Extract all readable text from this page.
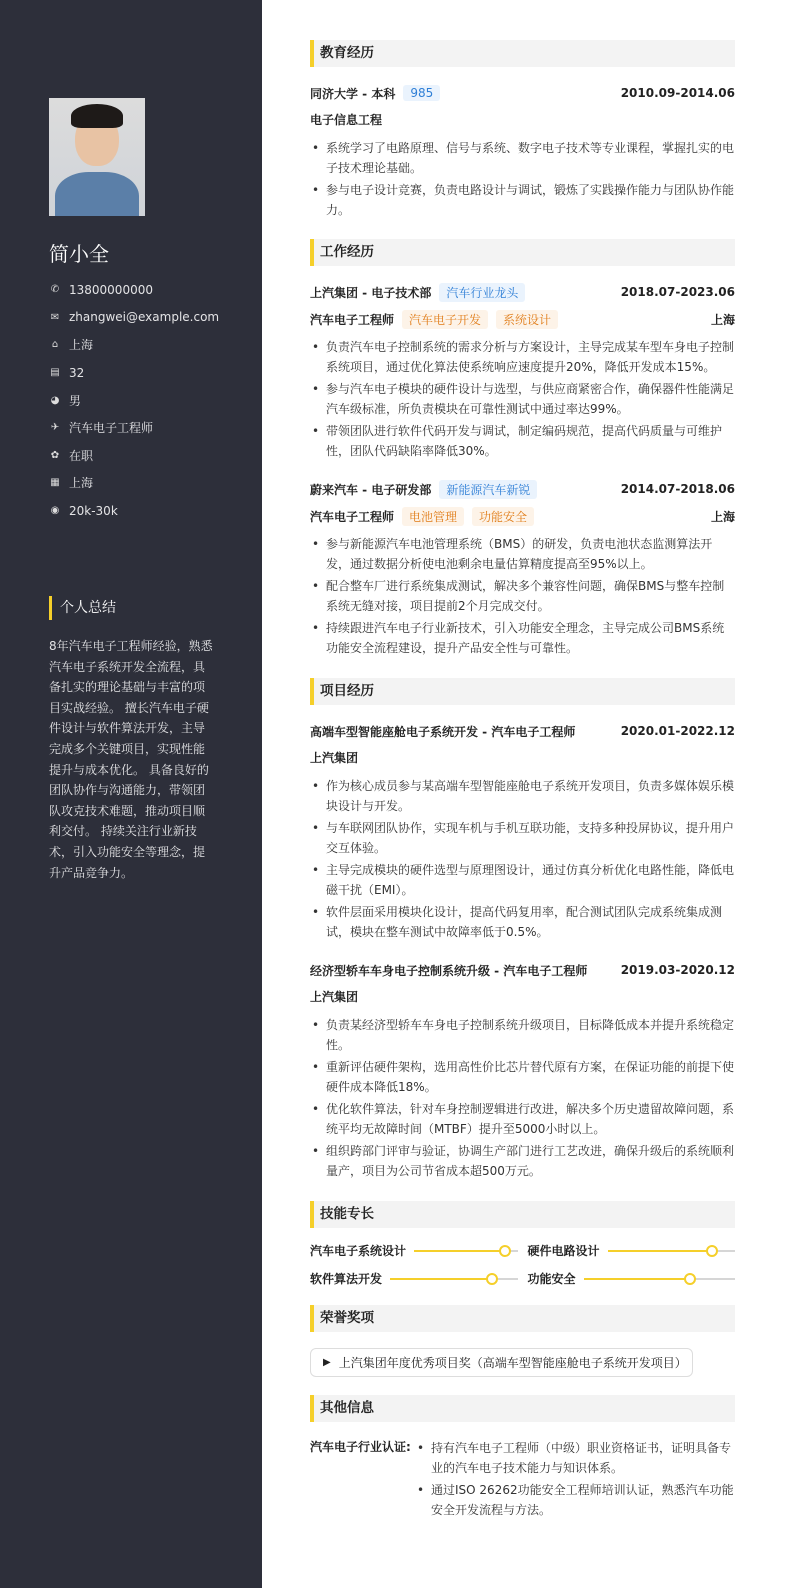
简小全
✆ 13800000000
✉ zhangwei@example.com
⌂ 上海
▤ 32
◕ 男
✈ 汽车电子工程师
✿ 在职
▦ 上海
◉ 20k-30k
个人总结
8年汽车电子工程师经验，熟悉汽车电子系统开发全流程，具备扎实的理论基础与丰富的项目实战经验。 擅长汽车电子硬件设计与软件算法开发，主导完成多个关键项目，实现性能提升与成本优化。 具备良好的团队协作与沟通能力，带领团队攻克技术难题，推动项目顺利交付。 持续关注行业新技术，引入功能安全等理念，提升产品竞争力。
教育经历
同济大学 - 本科	985	2010.09-2014.06
电子信息工程
• 系统学习了电路原理、信号与系统、数字电子技术等专业课程，掌握扎实的电子技术理论基础。
• 参与电子设计竞赛，负责电路设计与调试，锻炼了实践操作能力与团队协作能力。
工作经历
上汽集团 - 电子技术部	汽车行业龙头	2018.07-2023.06
汽车电子工程师	汽车电子开发	系统设计	上海
• 负责汽车电子控制系统的需求分析与方案设计，主导完成某车型车身电子控制系统项目，通过优化算法使系统响应速度提升20%，降低开发成本15%。
• 参与汽车电子模块的硬件设计与选型，与供应商紧密合作，确保器件性能满足汽车级标准，所负责模块在可靠性测试中通过率达99%。
• 带领团队进行软件代码开发与调试，制定编码规范，提高代码质量与可维护性，团队代码缺陷率降低30%。
蔚来汽车 - 电子研发部	新能源汽车新锐	2014.07-2018.06
汽车电子工程师	电池管理	功能安全	上海
• 参与新能源汽车电池管理系统（BMS）的研发，负责电池状态监测算法开发，通过数据分析使电池剩余电量估算精度提高至95%以上。
• 配合整车厂进行系统集成测试，解决多个兼容性问题，确保BMS与整车控制系统无缝对接，项目提前2个月完成交付。
• 持续跟进汽车电子行业新技术，引入功能安全理念，主导完成公司BMS系统功能安全流程建设，提升产品安全性与可靠性。
项目经历
高端车型智能座舱电子系统开发 - 汽车电子工程师	2020.01-2022.12
上汽集团
• 作为核心成员参与某高端车型智能座舱电子系统开发项目，负责多媒体娱乐模块设计与开发。
• 与车联网团队协作，实现车机与手机互联功能，支持多种投屏协议，提升用户交互体验。
• 主导完成模块的硬件选型与原理图设计，通过仿真分析优化电路性能，降低电磁干扰（EMI）。
• 软件层面采用模块化设计，提高代码复用率，配合测试团队完成系统集成测试，模块在整车测试中故障率低于0.5%。
经济型轿车车身电子控制系统升级 - 汽车电子工程师	2019.03-2020.12
上汽集团
• 负责某经济型轿车车身电子控制系统升级项目，目标降低成本并提升系统稳定性。
• 重新评估硬件架构，选用高性价比芯片替代原有方案，在保证功能的前提下使硬件成本降低18%。
• 优化软件算法，针对车身控制逻辑进行改进，解决多个历史遗留故障问题，系统平均无故障时间（MTBF）提升至5000小时以上。
• 组织跨部门评审与验证，协调生产部门进行工艺改进，确保升级后的系统顺利量产，项目为公司节省成本超500万元。
技能专长
汽车电子系统设计	硬件电路设计
软件算法开发	功能安全
荣誉奖项
▶ 上汽集团年度优秀项目奖（高端车型智能座舱电子系统开发项目）
其他信息
汽车电子行业认证:	• 持有汽车电子工程师（中级）职业资格证书，证明具备专业的汽车电子技术能力与知识体系。
• 通过ISO 26262功能安全工程师培训认证，熟悉汽车功能安全开发流程与方法。
